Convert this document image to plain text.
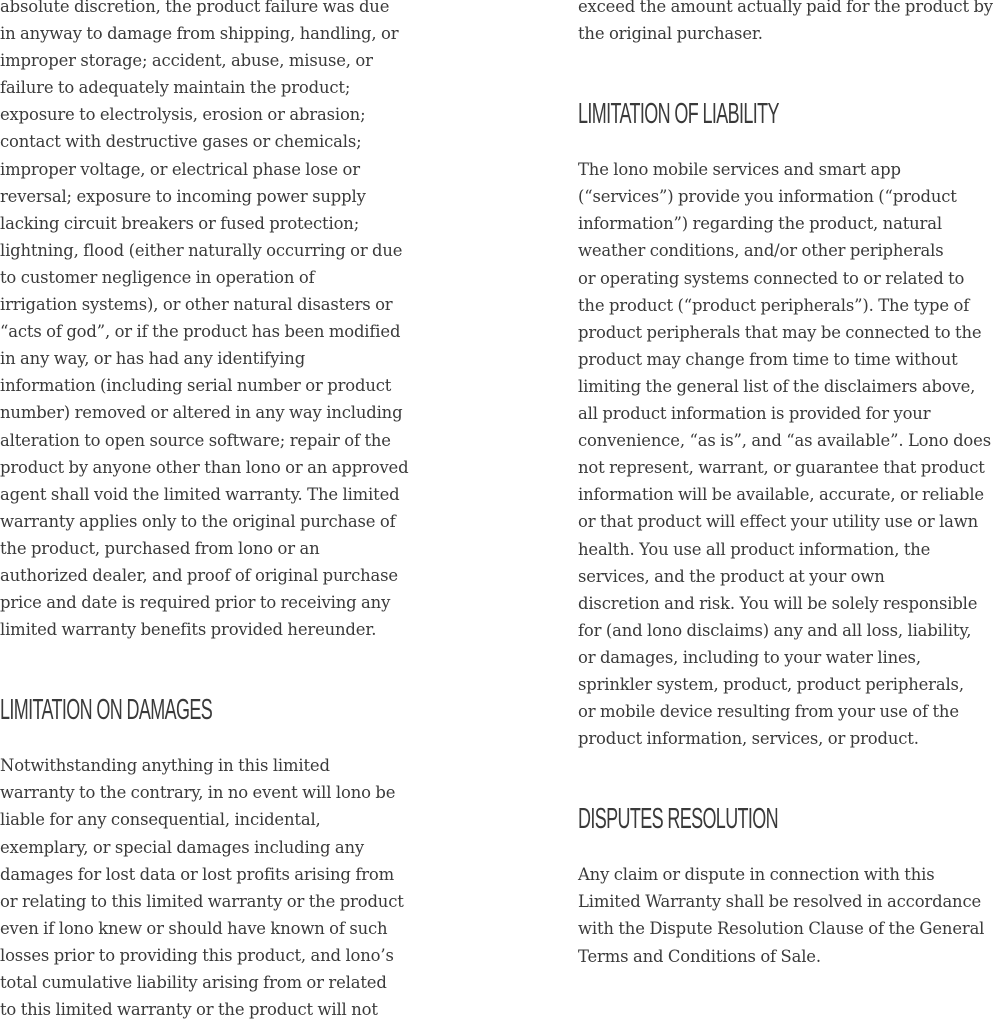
absolute discretion, the product failure was due
in anyway to damage from shipping, handling, or
improper storage; accident, abuse, misuse, or
failure to adequately maintain the product;
exposure to electrolysis, erosion or abrasion;
contact with destructive gases or chemicals;
improper voltage, or electrical phase lose or
reversal; exposure to incoming power supply
lacking circuit breakers or fused protection;
lightning, flood (either naturally occurring or due
to customer negligence in operation of
irrigation systems), or other natural disasters or
“acts of god”, or if the product has been modified
in any way, or has had any identifying
information (including serial number or product
number) removed or altered in any way including
alteration to open source software; repair of the
product by anyone other than lono or an approved
agent shall void the limited warranty. The limited
warranty applies only to the original purchase of
the product, purchased from lono or an
authorized dealer, and proof of original purchase
price and date is required prior to receiving any
limited warranty benefits provided hereunder.

LIMITATION ON DAMAGES

Notwithstanding anything in this limited
warranty to the contrary, in no event will lono be
liable for any consequential, incidental,
exemplary, or special damages including any
damages for lost data or lost profits arising from
or relating to this limited warranty or the product
even if lono knew or should have known of such
losses prior to providing this product, and lono’s
total cumulative liability arising from or related
to this limited warranty or the product will not

exceed the amount actually paid for the product by
the original purchaser.

LIMITATION OF LIABILITY

The lono mobile services and smart app
(“services”) provide you information (“product
information”) regarding the product, natural
weather conditions, and/or other peripherals
or operating systems connected to or related to
the product (“product peripherals”). The type of
product peripherals that may be connected to the
product may change from time to time without
limiting the general list of the disclaimers above,
all product information is provided for your
convenience, “as is”, and “as available”. Lono does
not represent, warrant, or guarantee that product
information will be available, accurate, or reliable
or that product will effect your utility use or lawn
health. You use all product information, the
services, and the product at your own
discretion and risk. You will be solely responsible
for (and lono disclaims) any and all loss, liability,
or damages, including to your water lines,
sprinkler system, product, product peripherals,
or mobile device resulting from your use of the
product information, services, or product.

DISPUTES RESOLUTION

Any claim or dispute in connection with this
Limited Warranty shall be resolved in accordance
with the Dispute Resolution Clause of the General
Terms and Conditions of Sale.
